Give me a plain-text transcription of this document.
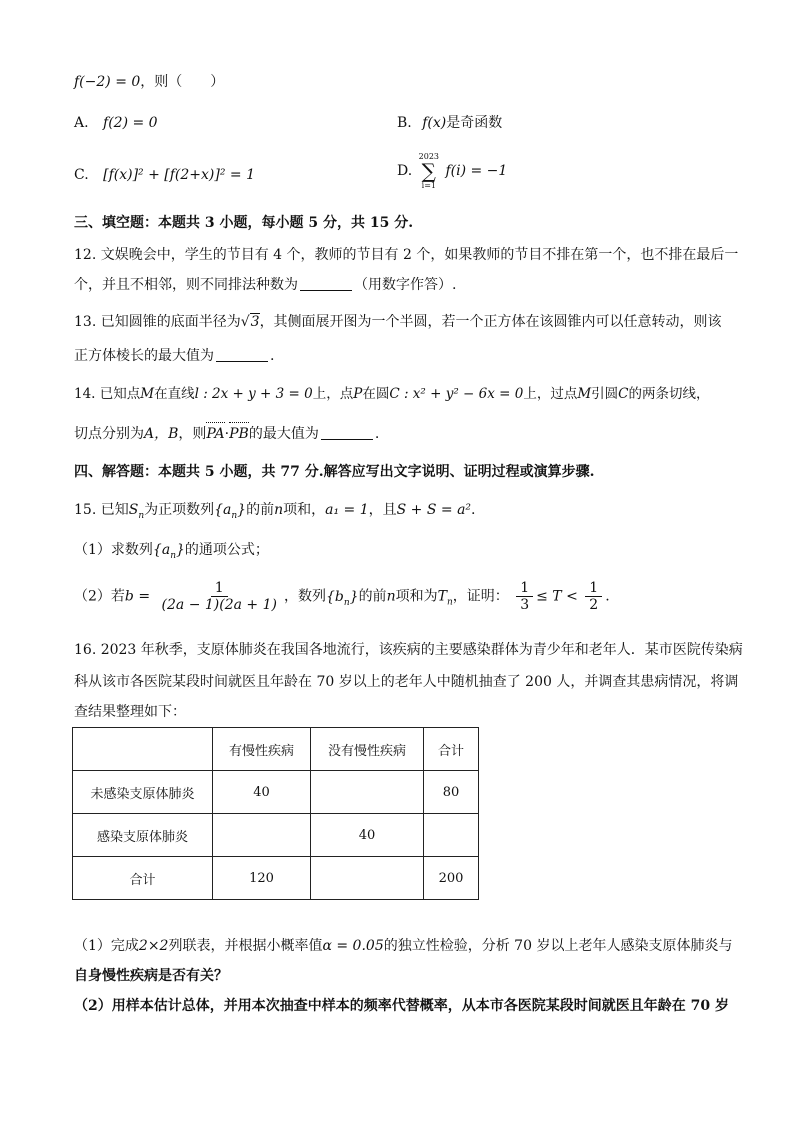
f(−2) = 0，则（　　）
A. f(2) = 0	B. f(x)是奇函数
C. [f(x)]² + [f(2+x)]² = 1	D.
2023
∑
i=1
f(i) = −1
三、填空题：本题共 3 小题，每小题 5 分，共 15 分.
12. 文娱晚会中，学生的节目有 4 个，教师的节目有 2 个，如果教师的节目不排在第一个，也不排在最后一
个，并且不相邻，则不同排法种数为	（用数字作答）.
13. 已知圆锥的底面半径为√3，其侧面展开图为一个半圆，若一个正方体在该圆锥内可以任意转动，则该
正方体棱长的最大值为	.
14. 已知点M在直线l : 2x + y + 3 = 0上，点P在圆C : x² + y² − 6x = 0上，过点M引圆C的两条切线，
切点分别为A，B，则PA·PB的最大值为	.
四、解答题：本题共 5 小题，共 77 分.解答应写出文字说明、证明过程或演算步骤.
15. 已知$S_n$为正项数列$\{a_n\}$的前n项和，a₁ = 1，且S + S = a².
（1）求数列$\{a_n\}$的通项公式；
（2）若$b = \frac{1}{(2a - 1)(2a + 1)}$ ，数列$\{b_n\}$的前n项和为$T_n$，证明： $\frac{1}{3} \le T < \frac{1}{2}$ .
16. 2023 年秋季，支原体肺炎在我国各地流行，该疾病的主要感染群体为青少年和老年人．某市医院传染病
科从该市各医院某段时间就医且年龄在 70 岁以上的老年人中随机抽查了 200 人，并调查其患病情况，将调
查结果整理如下：
	有慢性疾病	没有慢性疾病	合计
未感染支原体肺炎	40		80
感染支原体肺炎		40	
合计	120		200
（1）完成2×2列联表，并根据小概率值α = 0.05的独立性检验，分析 70 岁以上老年人感染支原体肺炎与
自身慢性疾病是否有关？
（2）用样本估计总体，并用本次抽查中样本的频率代替概率，从本市各医院某段时间就医且年龄在 70 岁
